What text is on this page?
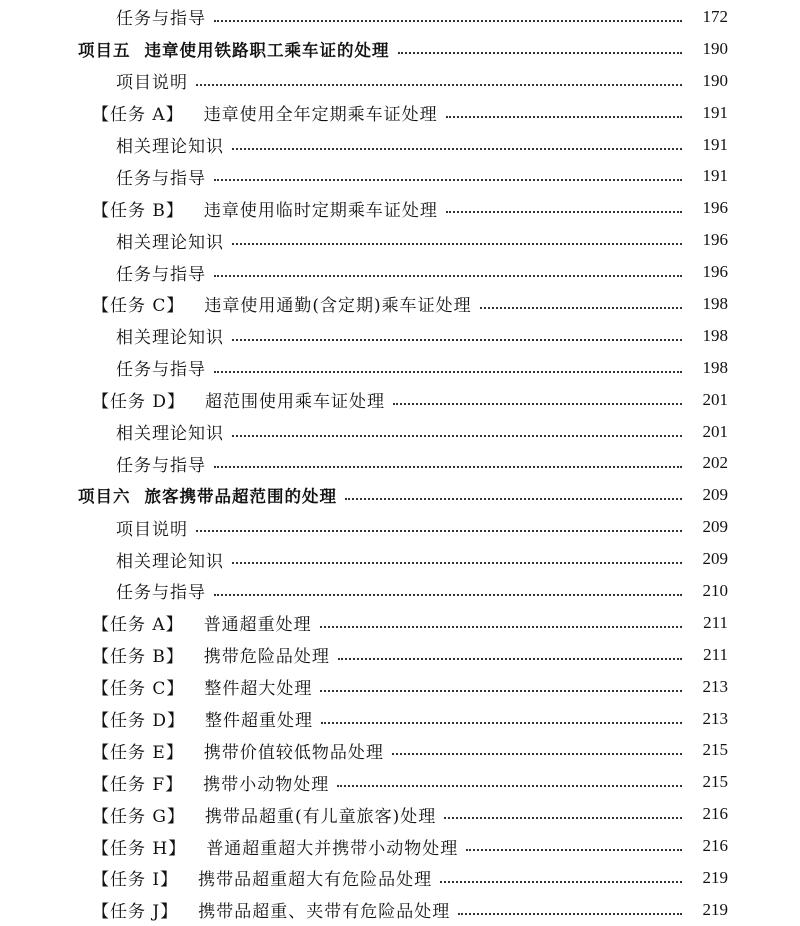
任务与指导	172
项目五 违章使用铁路职工乘车证的处理	190
项目说明	190
【任务 A】 违章使用全年定期乘车证处理	191
相关理论知识	191
任务与指导	191
【任务 B】 违章使用临时定期乘车证处理	196
相关理论知识	196
任务与指导	196
【任务 C】 违章使用通勤(含定期)乘车证处理	198
相关理论知识	198
任务与指导	198
【任务 D】 超范围使用乘车证处理	201
相关理论知识	201
任务与指导	202
项目六 旅客携带品超范围的处理	209
项目说明	209
相关理论知识	209
任务与指导	210
【任务 A】 普通超重处理	211
【任务 B】 携带危险品处理	211
【任务 C】 整件超大处理	213
【任务 D】 整件超重处理	213
【任务 E】 携带价值较低物品处理	215
【任务 F】 携带小动物处理	215
【任务 G】 携带品超重(有儿童旅客)处理	216
【任务 H】 普通超重超大并携带小动物处理	216
【任务 I】 携带品超重超大有危险品处理	219
【任务 J】 携带品超重、夹带有危险品处理	219
